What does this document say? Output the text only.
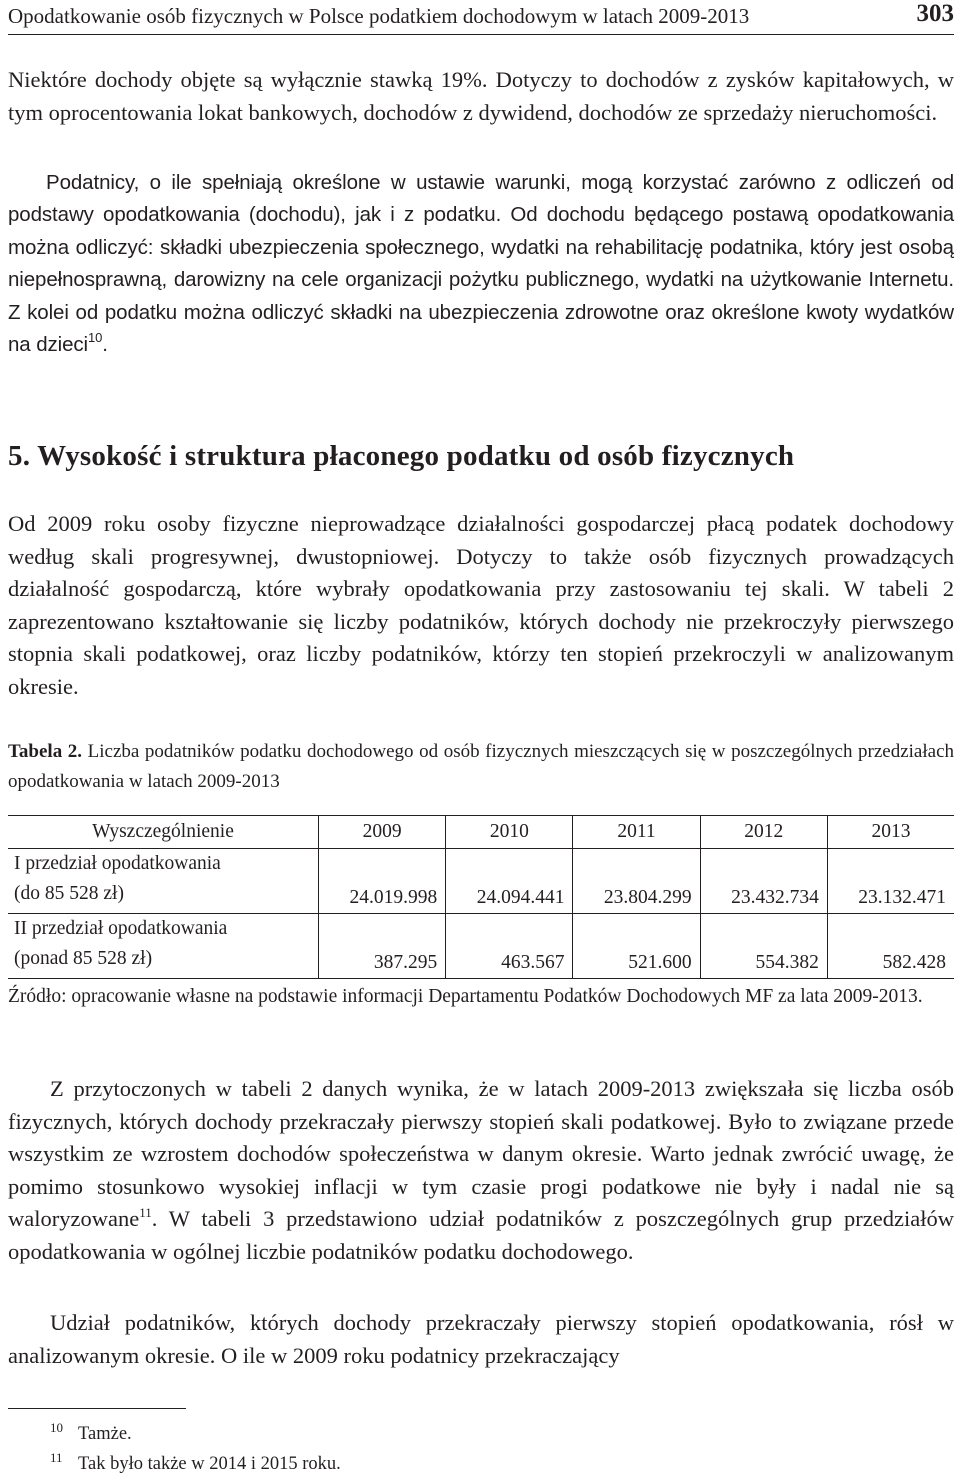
Opodatkowanie osób fizycznych w Polsce podatkiem dochodowym w latach 2009-2013	303

Niektóre dochody objęte są wyłącznie stawką 19%. Dotyczy to dochodów z zysków kapitałowych, w tym oprocentowania lokat bankowych, dochodów z dywidend, dochodów ze sprzedaży nieruchomości.

Podatnicy, o ile spełniają określone w ustawie warunki, mogą korzystać zarówno z odliczeń od podstawy opodatkowania (dochodu), jak i z podatku. Od dochodu będącego postawą opodatkowania można odliczyć: składki ubezpieczenia społecznego, wydatki na rehabilitację podatnika, który jest osobą niepełnosprawną, darowizny na cele organizacji pożytku publicznego, wydatki na użytkowanie Internetu. Z kolei od podatku można odliczyć składki na ubezpieczenia zdrowotne oraz określone kwoty wydatków na dzieci$^{10}$.

5. Wysokość i struktura płaconego podatku od osób fizycznych

Od 2009 roku osoby fizyczne nieprowadzące działalności gospodarczej płacą podatek dochodowy według skali progresywnej, dwustopniowej. Dotyczy to także osób fizycznych prowadzących działalność gospodarczą, które wybrały opodatkowania przy zastosowaniu tej skali. W tabeli 2 zaprezentowano kształtowanie się liczby podatników, których dochody nie przekroczyły pierwszego stopnia skali podatkowej, oraz liczby podatników, którzy ten stopień przekroczyli w analizowanym okresie.

Tabela 2. Liczba podatników podatku dochodowego od osób fizycznych mieszczących się w poszczególnych przedziałach opodatkowania w latach 2009-2013

Wyszczególnienie	2009	2010	2011	2012	2013
I przedział opodatkowania
(do 85 528 zł)	24.019.998	24.094.441	23.804.299	23.432.734	23.132.471
II przedział opodatkowania
(ponad 85 528 zł)	387.295	463.567	521.600	554.382	582.428

Źródło: opracowanie własne na podstawie informacji Departamentu Podatków Dochodowych MF za lata 2009-2013.

Z przytoczonych w tabeli 2 danych wynika, że w latach 2009-2013 zwiększała się liczba osób fizycznych, których dochody przekraczały pierwszy stopień skali podatkowej. Było to związane przede wszystkim ze wzrostem dochodów społeczeństwa w danym okresie. Warto jednak zwrócić uwagę, że pomimo stosunkowo wysokiej inflacji w tym czasie progi podatkowe nie były i nadal nie są waloryzowane$^{11}$. W tabeli 3 przedstawiono udział podatników z poszczególnych grup przedziałów opodatkowania w ogólnej liczbie podatników podatku dochodowego.

Udział podatników, których dochody przekraczały pierwszy stopień opodatkowania, rósł w analizowanym okresie. O ile w 2009 roku podatnicy przekraczający

10 Tamże.
11 Tak było także w 2014 i 2015 roku.
